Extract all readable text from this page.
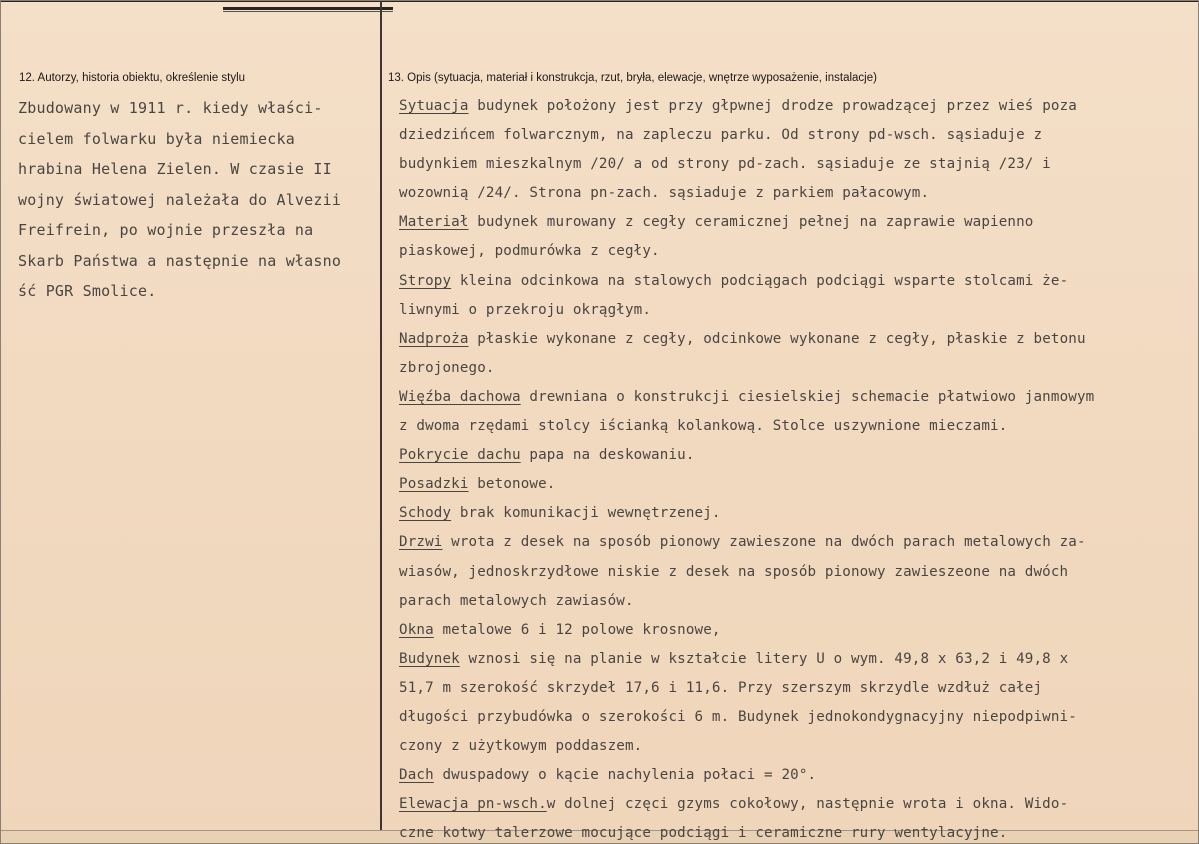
12. Autorzy, historia obiektu, określenie stylu	13. Opis (sytuacja, materiał i konstrukcja, rzut, bryła, elewacje, wnętrze wyposażenie, instalacje)
Zbudowany w 1911 r. kiedy właści-
cielem folwarku była niemiecka
hrabina Helena Zielen. W czasie II
wojny światowej należała do Alvezii
Freifrein, po wojnie przeszła na
Skarb Państwa a następnie na własno
ść PGR Smolice.
Sytuacja budynek położony jest przy głpwnej drodze prowadzącej przez wieś poza
dziedzińcem folwarcznym, na zapleczu parku. Od strony pd-wsch. sąsiaduje z
budynkiem mieszkalnym /20/ a od strony pd-zach. sąsiaduje ze stajnią /23/ i
wozownią /24/. Strona pn-zach. sąsiaduje z parkiem pałacowym.
Materiał budynek murowany z cegły ceramicznej pełnej na zaprawie wapienno
piaskowej, podmurówka z cegły.
Stropy kleina odcinkowa na stalowych podciągach podciągi wsparte stolcami że-
liwnymi o przekroju okrągłym.
Nadproża płaskie wykonane z cegły, odcinkowe wykonane z cegły, płaskie z betonu
zbrojonego.
Więźba dachowa drewniana o konstrukcji ciesielskiej schemacie płatwiowo janmowym
z dwoma rzędami stolcy iścianką kolankową. Stolce uszywnione mieczami.
Pokrycie dachu papa na deskowaniu.
Posadzki betonowe.
Schody brak komunikacji wewnętrzenej.
Drzwi wrota z desek na sposób pionowy zawieszone na dwóch parach metalowych za-
wiasów, jednoskrzydłowe niskie z desek na sposób pionowy zawieszeone na dwóch
parach metalowych zawiasów.
Okna metalowe 6 i 12 polowe krosnowe,
Budynek wznosi się na planie w kształcie litery U o wym. 49,8 x 63,2 i 49,8 x
51,7 m szerokość skrzydeł 17,6 i 11,6. Przy szerszym skrzydle wzdłuż całej
długości przybudówka o szerokości 6 m. Budynek jednokondygnacyjny niepodpiwni-
czony z użytkowym poddaszem.
Dach dwuspadowy o kącie nachylenia połaci = 20°.
Elewacja pn-wsch.w dolnej częci gzyms cokołowy, następnie wrota i okna. Wido-
czne kotwy talerzowe mocujące podciągi i ceramiczne rury wentylacyjne.
